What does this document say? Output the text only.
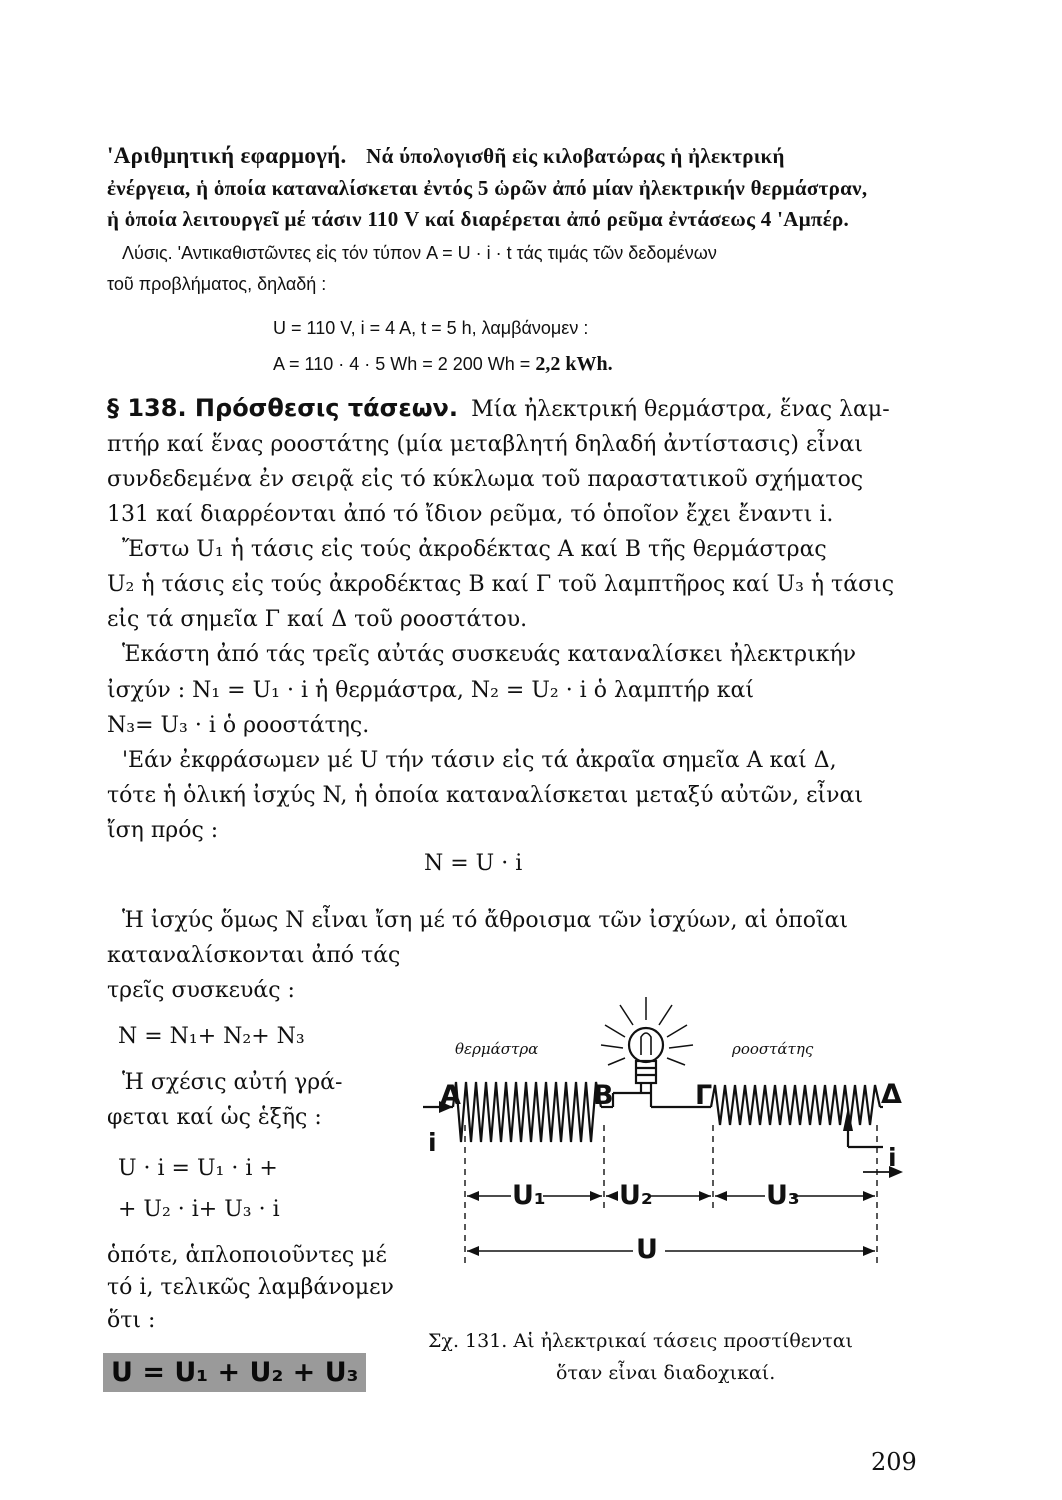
'Αριθμητική εφαρμογή. Νά ύπολογισθῆ εἰς κιλοβατώρας ἡ ἠλεκτρική
ἐνέργεια, ἡ ὁποία καταναλίσκεται ἐντός 5 ὡρῶν ἀπό μίαν ἠλεκτρικήν θερμάστραν,
ἡ ὁποία λειτουργεῖ μέ τάσιν 110 V καί διαρέρεται ἀπό ρεῦμα ἐντάσεως 4 'Αμπέρ.
Λύσις. 'Αντικαθιστῶντες εἰς τόν τύπον A = U · i · t τάς τιμάς τῶν δεδομένων
τοῦ προβλήματος, δηλαδή :
U = 110 V, i = 4 A, t = 5 h, λαμβάνομεν :
A = 110 · 4 · 5 Wh = 2 200 Wh = 2,2 kWh.
§ 138. Πρόσθεσις τάσεων. Μία ἠλεκτρική θερμάστρα, ἕνας λαμ-
πτήρ καί ἕνας ροοστάτης (μία μεταβλητή δηλαδή ἀντίστασις) εἶναι
συνδεδεμένα ἐν σειρᾷ εἰς τό κύκλωμα τοῦ παραστατικοῦ σχήματος
131 καί διαρρέονται ἀπό τό ἴδιον ρεῦμα, τό ὁποῖον ἔχει ἔναντι i.
Ἔστω U₁ ἡ τάσις εἰς τούς ἀκροδέκτας A καί B τῆς θερμάστρας
U₂ ἡ τάσις εἰς τούς ἀκροδέκτας B καί Γ τοῦ λαμπτῆρος καί U₃ ἡ τάσις
εἰς τά σημεῖα Γ καί Δ τοῦ ροοστάτου.
Ἑκάστη ἀπό τάς τρεῖς αὐτάς συσκευάς καταναλίσκει ἠλεκτρικήν
ἰσχύν : N₁ = U₁ · i ἡ θερμάστρα, N₂ = U₂ · i ὁ λαμπτήρ καί
N₃= U₃ · i ὁ ροοστάτης.
'Εάν ἐκφράσωμεν μέ U τήν τάσιν εἰς τά ἀκραῖα σημεῖα A καί Δ,
τότε ἡ ὁλική ἰσχύς N, ἡ ὁποία καταναλίσκεται μεταξύ αὐτῶν, εἶναι
ἴση πρός :
N = U · i
Ἡ ἰσχύς ὅμως N εἶναι ἴση μέ τό ἄθροισμα τῶν ἰσχύων, αἱ ὁποῖαι
καταναλίσκονται ἀπό τάς
τρεῖς συσκευάς :
N = N₁+ N₂+ N₃
Ἡ σχέσις αὐτή γρά-
φεται καί ὡς ἑξῆς :
U · i = U₁ · i +
+ U₂ · i+ U₃ · i
ὁπότε, ἁπλοποιοῦντες μέ
τό i, τελικῶς λαμβάνομεν
ὅτι :
U = U₁ + U₂ + U₃
θερμάστρα	ροοστάτης
A	B	Γ	Δ
i
i
U₁	U₂	U₃
U
Σχ. 131. Αἱ ἠλεκτρικαί τάσεις προστίθενται
ὅταν εἶναι διαδοχικαί.
209
